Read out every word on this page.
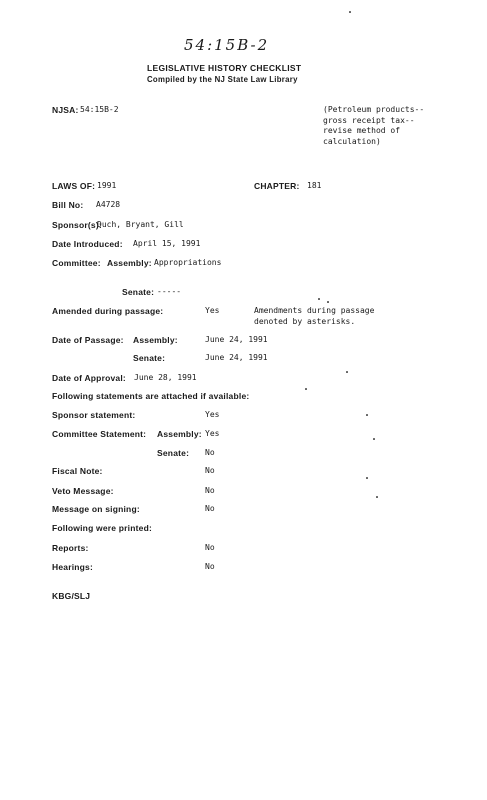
54:15B-2
LEGISLATIVE HISTORY CHECKLIST
Compiled by the NJ State Law Library
NJSA: 54:15B-2	(Petroleum products--gross receipt tax--revise method of calculation)
LAWS OF: 1991	CHAPTER: 181
Bill No: A4728
Sponsor(s):
Duch, Bryant, Gill
Date Introduced: April 15, 1991
Committee: Assembly: Appropriations
Senate: -----
Amended during passage:	Yes	Amendments during passage denoted by asterisks.
Date of Passage: Assembly:	June 24, 1991
Senate:	June 24, 1991
Date of Approval: June 28, 1991
Following statements are attached if available:
Sponsor statement:	Yes
Committee Statement: Assembly: Yes
Senate: No
Fiscal Note:	No
Veto Message:	No
Message on signing:	No
Following were printed:
Reports:	No
Hearings:	No
KBG/SLJ
